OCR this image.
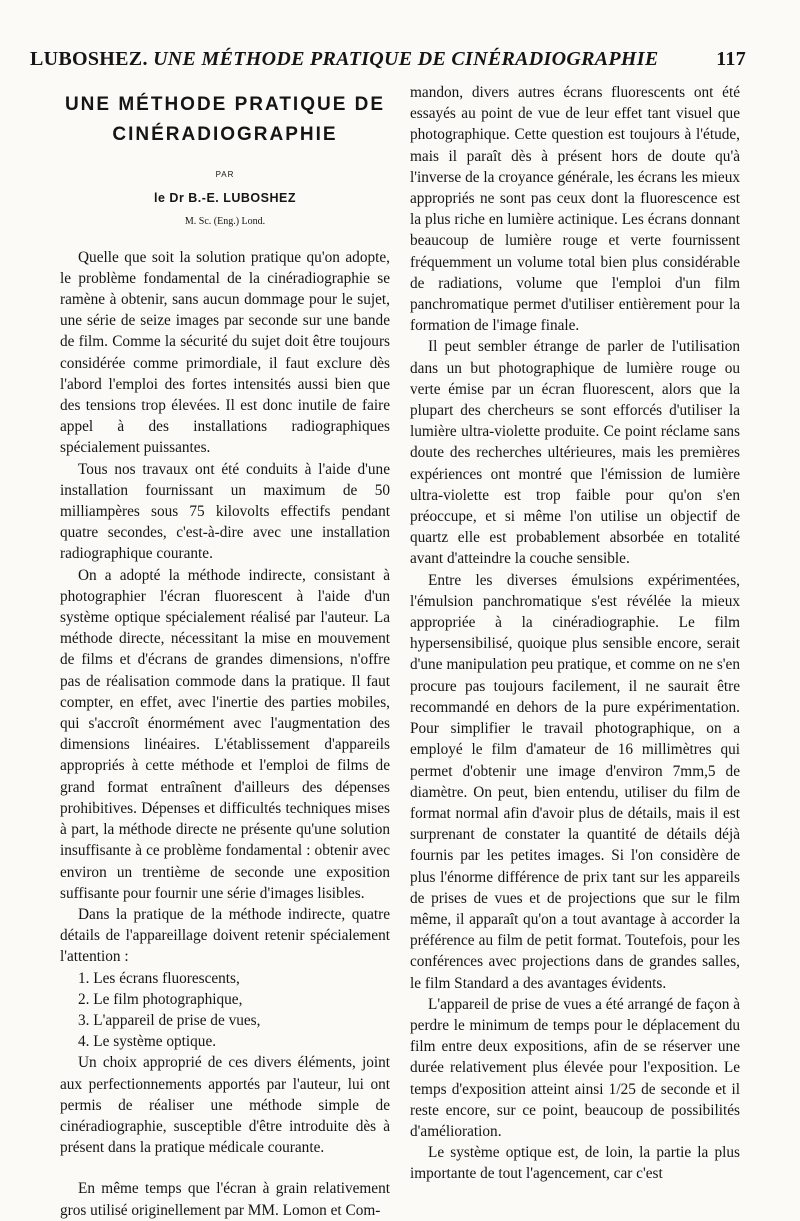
LUBOSHEZ. UNE MÉTHODE PRATIQUE DE CINÉRADIOGRAPHIE	117
UNE MÉTHODE PRATIQUE DE
CINÉRADIOGRAPHIE

PAR

le Dr B.-E. LUBOSHEZ

M. Sc. (Eng.) Lond.

Quelle que soit la solution pratique qu'on adopte, le problème fondamental de la cinéradiographie se ramène à obtenir, sans aucun dommage pour le sujet, une série de seize images par seconde sur une bande de film. Comme la sécurité du sujet doit être toujours considérée comme primordiale, il faut exclure dès l'abord l'emploi des fortes intensités aussi bien que des tensions trop élevées. Il est donc inutile de faire appel à des installations radiographiques spécialement puissantes.

Tous nos travaux ont été conduits à l'aide d'une installation fournissant un maximum de 50 milliampères sous 75 kilovolts effectifs pendant quatre secondes, c'est-à-dire avec une installation radiographique courante.

On a adopté la méthode indirecte, consistant à photographier l'écran fluorescent à l'aide d'un système optique spécialement réalisé par l'auteur. La méthode directe, nécessitant la mise en mouvement de films et d'écrans de grandes dimensions, n'offre pas de réalisation commode dans la pratique. Il faut compter, en effet, avec l'inertie des parties mobiles, qui s'accroît énormément avec l'augmentation des dimensions linéaires. L'établissement d'appareils appropriés à cette méthode et l'emploi de films de grand format entraînent d'ailleurs des dépenses prohibitives. Dépenses et difficultés techniques mises à part, la méthode directe ne présente qu'une solution insuffisante à ce problème fondamental : obtenir avec environ un trentième de seconde une exposition suffisante pour fournir une série d'images lisibles.

Dans la pratique de la méthode indirecte, quatre détails de l'appareillage doivent retenir spécialement l'attention :

1. Les écrans fluorescents,
2. Le film photographique,
3. L'appareil de prise de vues,
4. Le système optique.

Un choix approprié de ces divers éléments, joint aux perfectionnements apportés par l'auteur, lui ont permis de réaliser une méthode simple de cinéradiographie, susceptible d'être introduite dès à présent dans la pratique médicale courante.

En même temps que l'écran à grain relativement gros utilisé originellement par MM. Lomon et Com-

mandon, divers autres écrans fluorescents ont été essayés au point de vue de leur effet tant visuel que photographique. Cette question est toujours à l'étude, mais il paraît dès à présent hors de doute qu'à l'inverse de la croyance générale, les écrans les mieux appropriés ne sont pas ceux dont la fluorescence est la plus riche en lumière actinique. Les écrans donnant beaucoup de lumière rouge et verte fournissent fréquemment un volume total bien plus considérable de radiations, volume que l'emploi d'un film panchromatique permet d'utiliser entièrement pour la formation de l'image finale.

Il peut sembler étrange de parler de l'utilisation dans un but photographique de lumière rouge ou verte émise par un écran fluorescent, alors que la plupart des chercheurs se sont efforcés d'utiliser la lumière ultra-violette produite. Ce point réclame sans doute des recherches ultérieures, mais les premières expériences ont montré que l'émission de lumière ultra-violette est trop faible pour qu'on s'en préoccupe, et si même l'on utilise un objectif de quartz elle est probablement absorbée en totalité avant d'atteindre la couche sensible.

Entre les diverses émulsions expérimentées, l'émulsion panchromatique s'est révélée la mieux appropriée à la cinéradiographie. Le film hypersensibilisé, quoique plus sensible encore, serait d'une manipulation peu pratique, et comme on ne s'en procure pas toujours facilement, il ne saurait être recommandé en dehors de la pure expérimentation. Pour simplifier le travail photographique, on a employé le film d'amateur de 16 millimètres qui permet d'obtenir une image d'environ 7mm,5 de diamètre. On peut, bien entendu, utiliser du film de format normal afin d'avoir plus de détails, mais il est surprenant de constater la quantité de détails déjà fournis par les petites images. Si l'on considère de plus l'énorme différence de prix tant sur les appareils de prises de vues et de projections que sur le film même, il apparaît qu'on a tout avantage à accorder la préférence au film de petit format. Toutefois, pour les conférences avec projections dans de grandes salles, le film Standard a des avantages évidents.

L'appareil de prise de vues a été arrangé de façon à perdre le minimum de temps pour le déplacement du film entre deux expositions, afin de se réserver une durée relativement plus élevée pour l'exposition. Le temps d'exposition atteint ainsi 1/25 de seconde et il reste encore, sur ce point, beaucoup de possibilités d'amélioration.

Le système optique est, de loin, la partie la plus importante de tout l'agencement, car c'est
